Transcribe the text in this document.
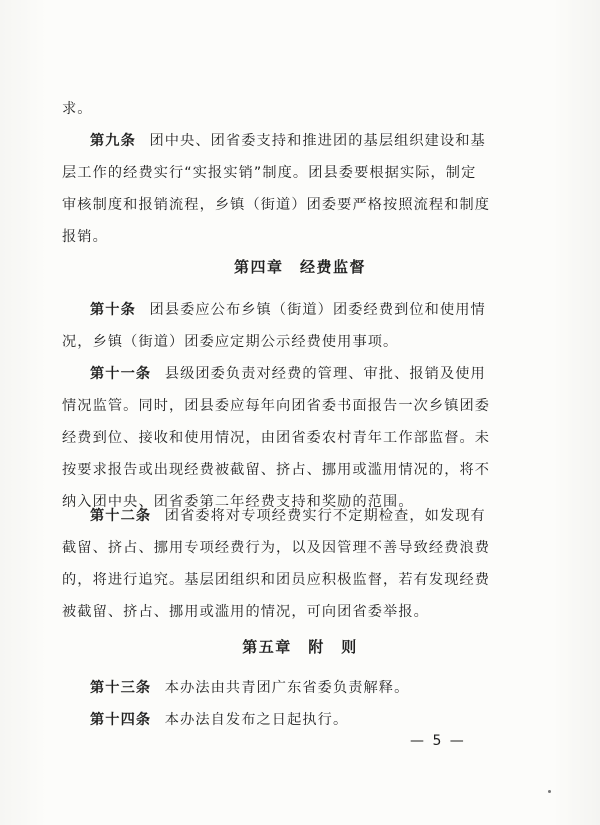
求。
第九条 团中央、团省委支持和推进团的基层组织建设和基
层工作的经费实行“实报实销”制度。团县委要根据实际，制定
审核制度和报销流程，乡镇（街道）团委要严格按照流程和制度
报销。
第四章　经费监督
第十条 团县委应公布乡镇（街道）团委经费到位和使用情
况，乡镇（街道）团委应定期公示经费使用事项。
第十一条 县级团委负责对经费的管理、审批、报销及使用
情况监管。同时，团县委应每年向团省委书面报告一次乡镇团委
经费到位、接收和使用情况，由团省委农村青年工作部监督。未
按要求报告或出现经费被截留、挤占、挪用或滥用情况的，将不
纳入团中央、团省委第二年经费支持和奖励的范围。
第十二条 团省委将对专项经费实行不定期检查，如发现有
截留、挤占、挪用专项经费行为，以及因管理不善导致经费浪费
的，将进行追究。基层团组织和团员应积极监督，若有发现经费
被截留、挤占、挪用或滥用的情况，可向团省委举报。
第五章　附　则
第十三条 本办法由共青团广东省委负责解释。
第十四条 本办法自发布之日起执行。
— 5 —
